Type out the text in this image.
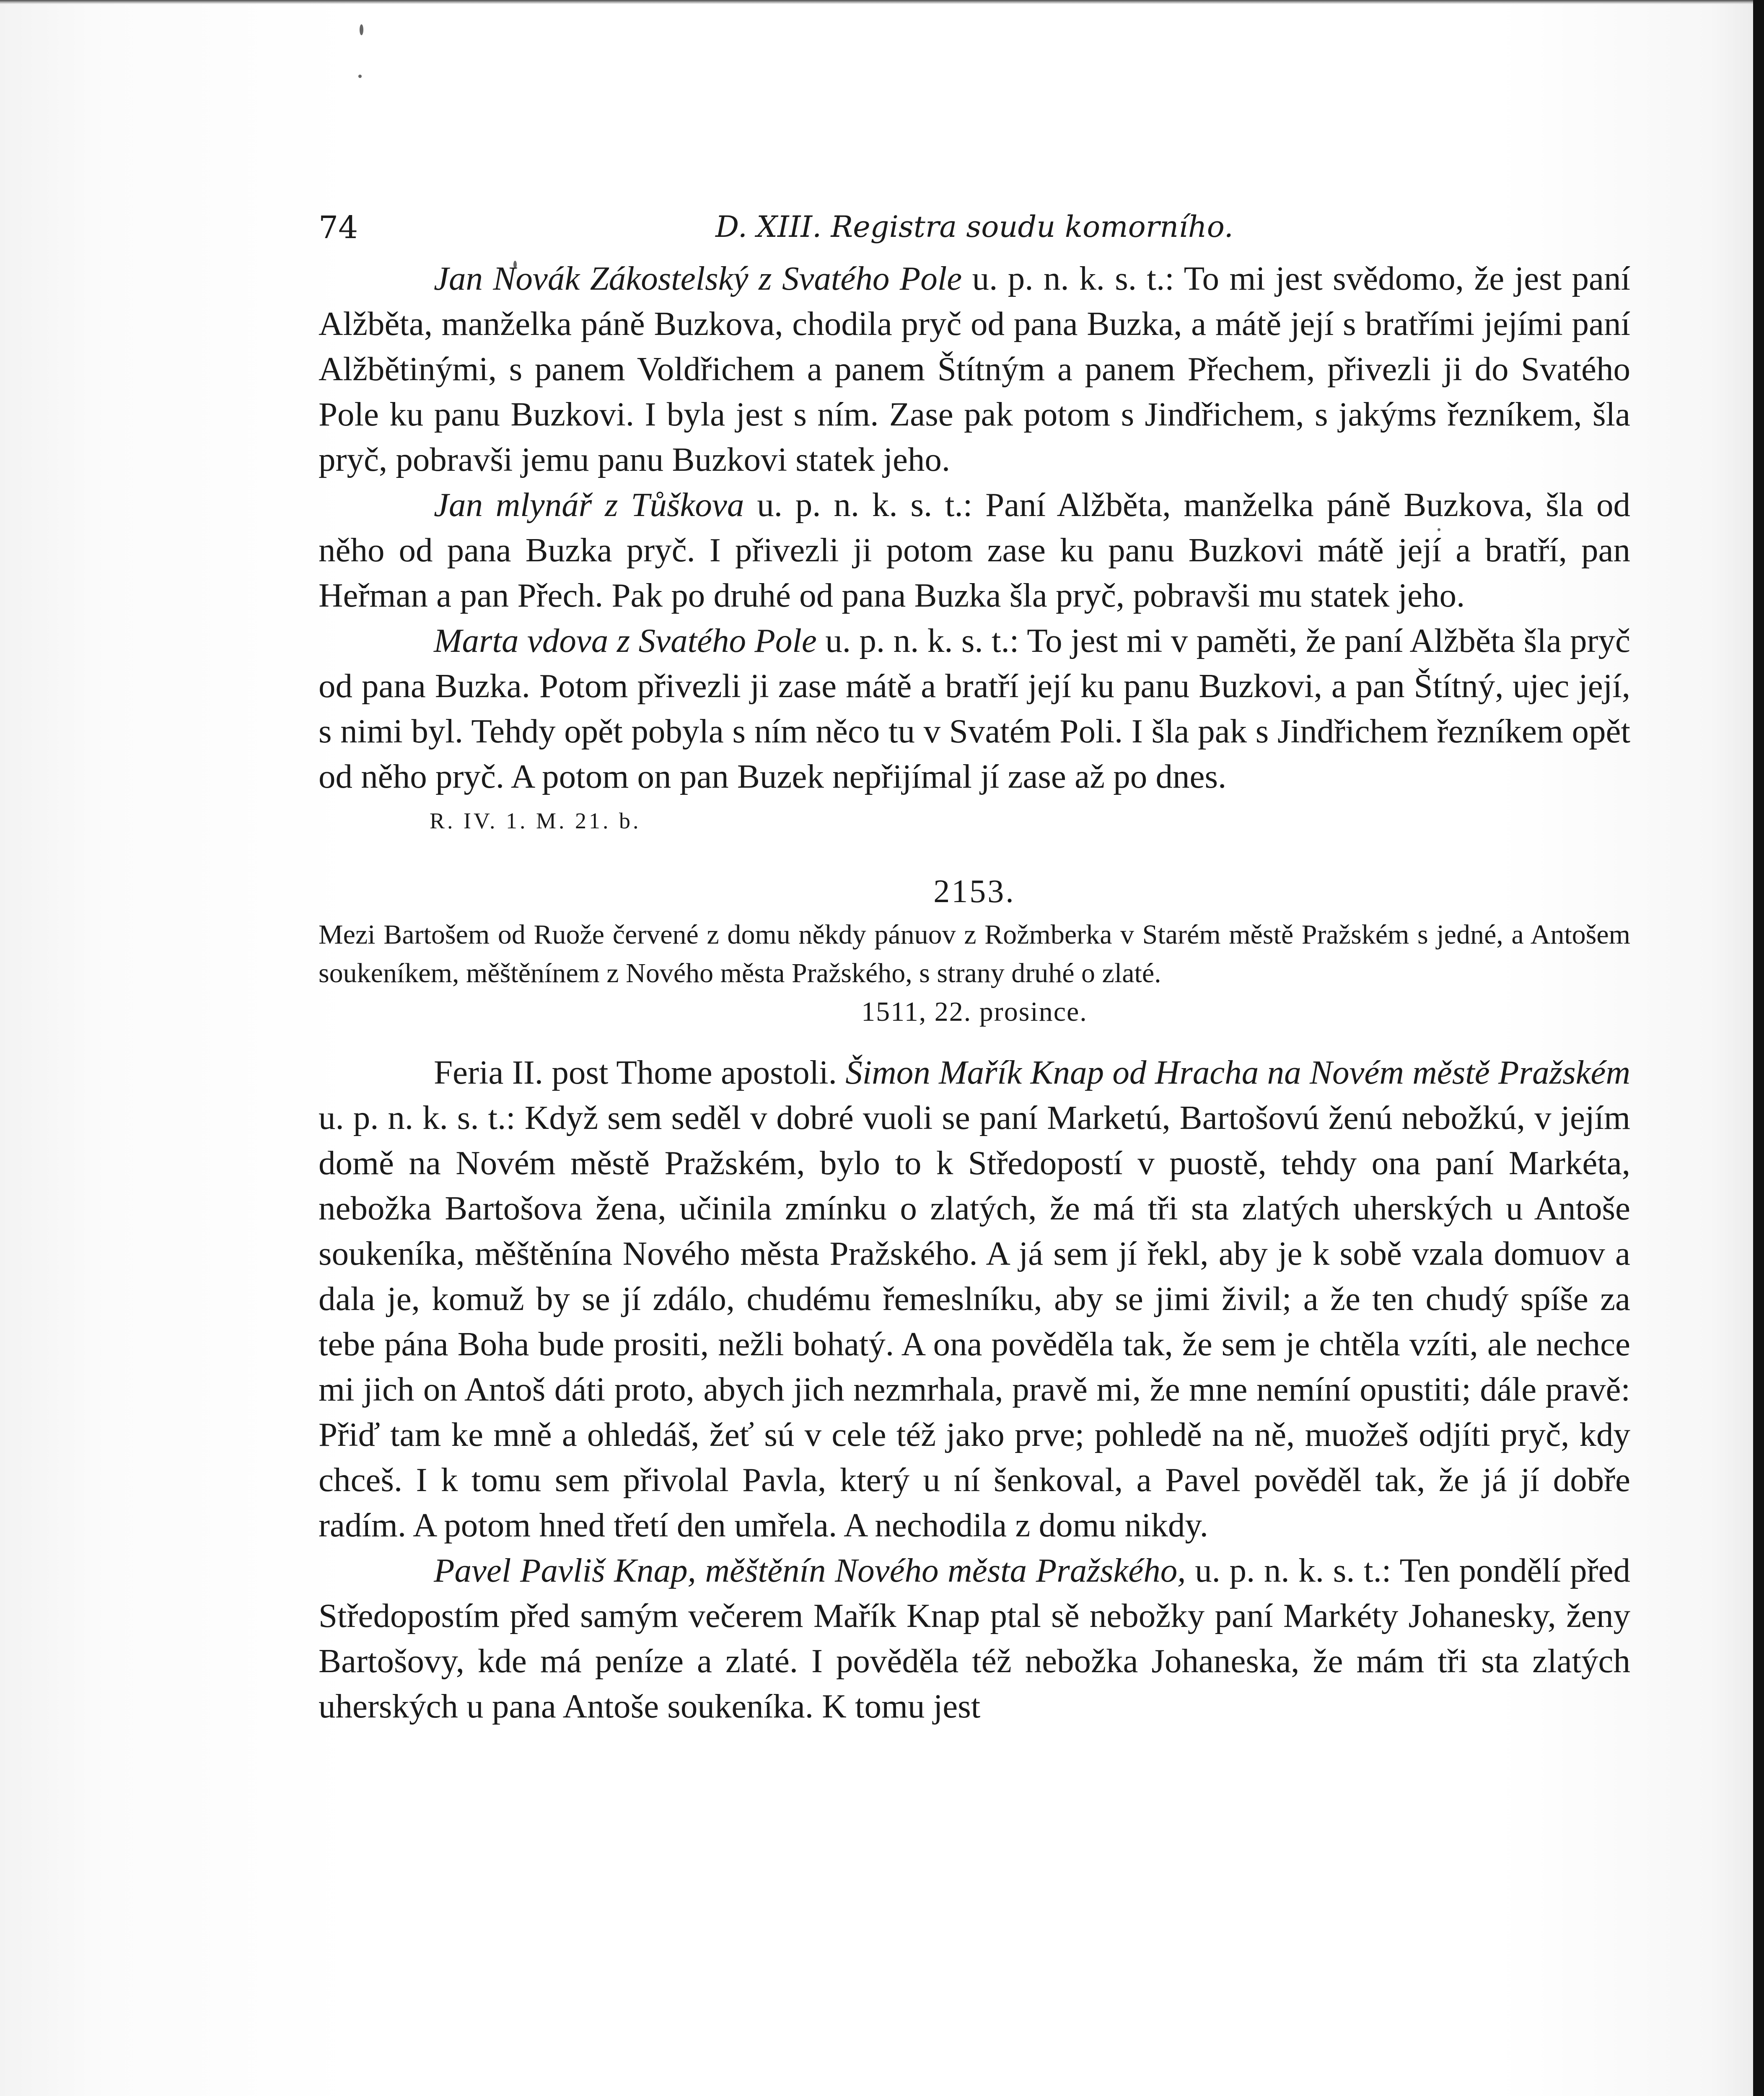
74	D. XIII. Registra soudu komorního.

Jan Novák Zákostelský z Svatého Pole u. p. n. k. s. t.: To mi jest svědomo, že jest paní Alžběta, manželka páně Buzkova, chodila pryč od pana Buzka, a mátě její s bratřími jejími paní Alžbětinými, s panem Voldřichem a panem Štítným a panem Přechem, přivezli ji do Svatého Pole ku panu Buzkovi. I byla jest s ním. Zase pak potom s Jindřichem, s jakýms řezníkem, šla pryč, pobravši jemu panu Buzkovi statek jeho.

Jan mlynář z Tůškova u. p. n. k. s. t.: Paní Alžběta, manželka páně Buzkova, šla od něho od pana Buzka pryč. I přivezli ji potom zase ku panu Buzkovi mátě její a bratří, pan Heřman a pan Přech. Pak po druhé od pana Buzka šla pryč, pobravši mu statek jeho.

Marta vdova z Svatého Pole u. p. n. k. s. t.: To jest mi v paměti, že paní Alžběta šla pryč od pana Buzka. Potom přivezli ji zase mátě a bratří její ku panu Buzkovi, a pan Štítný, ujec její, s nimi byl. Tehdy opět pobyla s ním něco tu v Svatém Poli. I šla pak s Jindřichem řezníkem opět od něho pryč. A potom on pan Buzek nepřijímal jí zase až po dnes.

R. IV. 1. M. 21. b.
2153.

Mezi Bartošem od Ruože červené z domu někdy pánuov z Rožmberka v Starém městě Pražském s jedné, a Antošem soukeníkem, měštěnínem z Nového města Pražského, s strany druhé o zlaté.

1511, 22. prosince.

Feria II. post Thome apostoli. Šimon Mařík Knap od Hracha na Novém městě Pražském u. p. n. k. s. t.: Když sem seděl v dobré vuoli se paní Marketú, Bartošovú ženú nebožkú, v jejím domě na Novém městě Pražském, bylo to k Středopostí v puostě, tehdy ona paní Markéta, nebožka Bartošova žena, učinila zmínku o zlatých, že má tři sta zlatých uherských u Antoše soukeníka, měštěnína Nového města Pražského. A já sem jí řekl, aby je k sobě vzala domuov a dala je, komuž by se jí zdálo, chudému řemeslníku, aby se jimi živil; a že ten chudý spíše za tebe pána Boha bude prositi, nežli bohatý. A ona pověděla tak, že sem je chtěla vzíti, ale nechce mi jich on Antoš dáti proto, abych jich nezmrhala, pravě mi, že mne nemíní opustiti; dále pravě: Přiď tam ke mně a ohledáš, žeť sú v cele též jako prve; pohledě na ně, muožeš odjíti pryč, kdy chceš. I k tomu sem přivolal Pavla, který u ní šenkoval, a Pavel pověděl tak, že já jí dobře radím. A potom hned třetí den umřela. A nechodila z domu nikdy.

Pavel Pavliš Knap, měštěnín Nového města Pražského, u. p. n. k. s. t.: Ten pondělí před Středopostím před samým večerem Mařík Knap ptal sě nebožky paní Markéty Johanesky, ženy Bartošovy, kde má peníze a zlaté. I pověděla též nebožka Johaneska, že mám tři sta zlatých uherských u pana Antoše soukeníka. K tomu jest
